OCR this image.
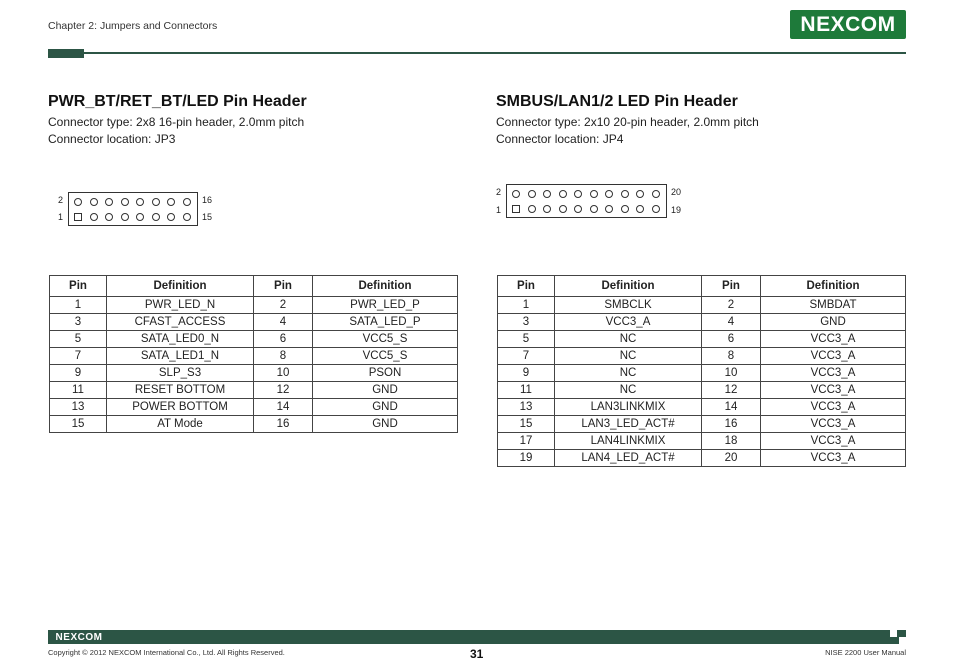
Chapter 2: Jumpers and Connectors	NEXCOM
PWR_BT/RET_BT/LED Pin Header
Connector type: 2x8 16-pin header, 2.0mm pitch
Connector location: JP3
2
1
16
15
Pin	Definition	Pin	Definition
1	PWR_LED_N	2	PWR_LED_P
3	CFAST_ACCESS	4	SATA_LED_P
5	SATA_LED0_N	6	VCC5_S
7	SATA_LED1_N	8	VCC5_S
9	SLP_S3	10	PSON
11	RESET BOTTOM	12	GND
13	POWER BOTTOM	14	GND
15	AT Mode	16	GND
SMBUS/LAN1/2 LED Pin Header
Connector type: 2x10 20-pin header, 2.0mm pitch
Connector location: JP4
2
1
20
19
Pin	Definition	Pin	Definition
1	SMBCLK	2	SMBDAT
3	VCC3_A	4	GND
5	NC	6	VCC3_A
7	NC	8	VCC3_A
9	NC	10	VCC3_A
11	NC	12	VCC3_A
13	LAN3LINKMIX	14	VCC3_A
15	LAN3_LED_ACT#	16	VCC3_A
17	LAN4LINKMIX	18	VCC3_A
19	LAN4_LED_ACT#	20	VCC3_A
NEXCOM
Copyright © 2012 NEXCOM International Co., Ltd. All Rights Reserved.	31	NISE 2200 User Manual
